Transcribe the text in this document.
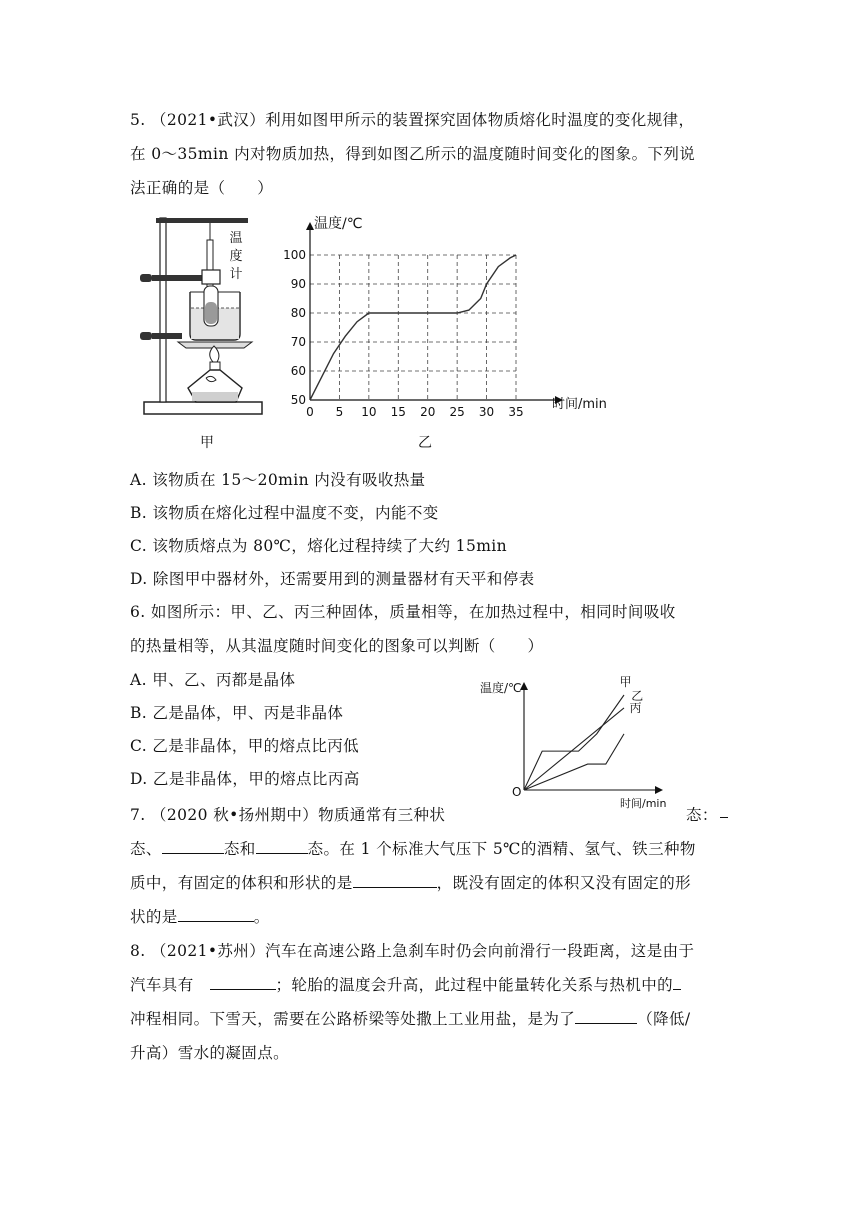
5. （2021•武汉）利用如图甲所示的装置探究固体物质熔化时温度的变化规律，
在 0～35min 内对物质加热，得到如图乙所示的温度随时间变化的图象。下列说
法正确的是（　　）
温
度
计
甲
0 5 10 15 20 25 30 35
50
60
70
80
90
100
温度/℃
时间/min
乙
A. 该物质在 15～20min 内没有吸收热量
B. 该物质在熔化过程中温度不变，内能不变
C. 该物质熔点为 80℃，熔化过程持续了大约 15min
D. 除图甲中器材外，还需要用到的测量器材有天平和停表
6. 如图所示：甲、乙、丙三种固体，质量相等，在加热过程中，相同时间吸收
的热量相等，从其温度随时间变化的图象可以判断（　　）
A. 甲、乙、丙都是晶体
B. 乙是晶体，甲、丙是非晶体
C. 乙是非晶体，甲的熔点比丙低
D. 乙是非晶体，甲的熔点比丙高
温度/℃
时间/min
O
甲
乙
丙
7. （2020 秋•扬州期中）物质通常有三种状	态：
态、	态和	态。在 1 个标准大气压下 5℃的酒精、氢气、铁三种物
质中，有固定的体积和形状的是	，既没有固定的体积又没有固定的形
状的是	。
8. （2021•苏州）汽车在高速公路上急刹车时仍会向前滑行一段距离，这是由于
汽车具有　	；轮胎的温度会升高，此过程中能量转化关系与热机中的
冲程相同。下雪天，需要在公路桥梁等处撒上工业用盐，是为了	（降低/
升高）雪水的凝固点。
